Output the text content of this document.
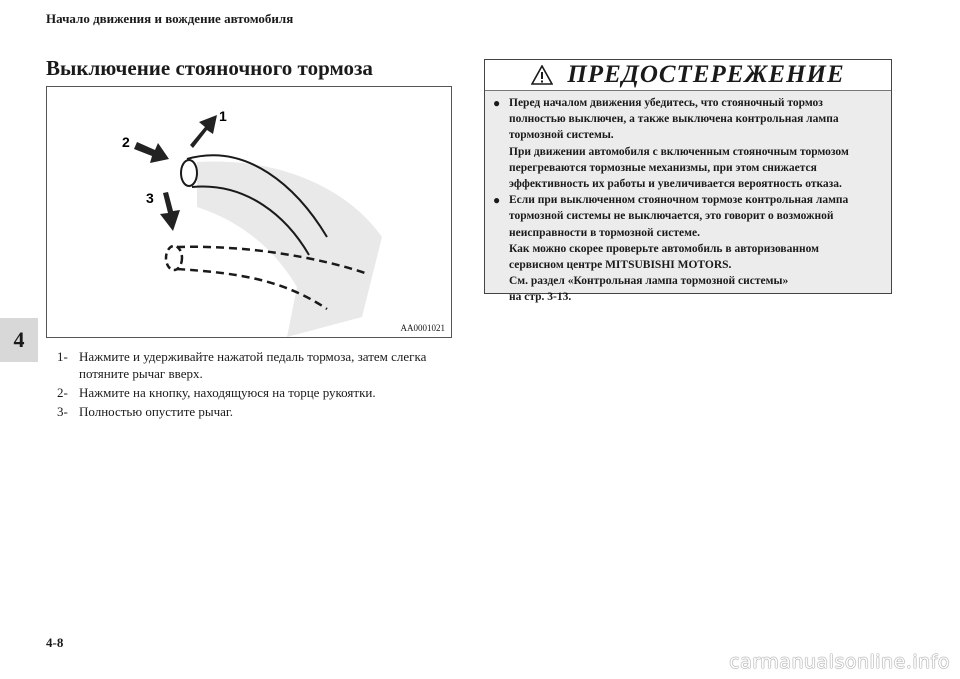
Начало движения и вождение автомобиля
Выключение стояночного тормоза
4
1
2
3
AA0001021
1- Нажмите и удерживайте нажатой педаль тормоза, затем слегка потяните рычаг вверх.
2- Нажмите на кнопку, находящуюся на торце рукоятки.
3- Полностью опустите рычаг.
ПРЕДОСТЕРЕЖЕНИЕ
● Перед началом движения убедитесь, что стояночный тормоз
полностью выключен, а также выключена контрольная лампа
тормозной системы.
При движении автомобиля с включенным стояночным тормозом
перегреваются тормозные механизмы, при этом снижается
эффективность их работы и увеличивается вероятность отказа.
● Если при выключенном стояночном тормозе контрольная лампа
тормозной системы не выключается, это говорит о возможной
неисправности в тормозной системе.
Как можно скорее проверьте автомобиль в авторизованном
сервисном центре MITSUBISHI MOTORS.
См. раздел «Контрольная лампа тормозной системы»
на стр. 3-13.
4-8
carmanualsonline.info
